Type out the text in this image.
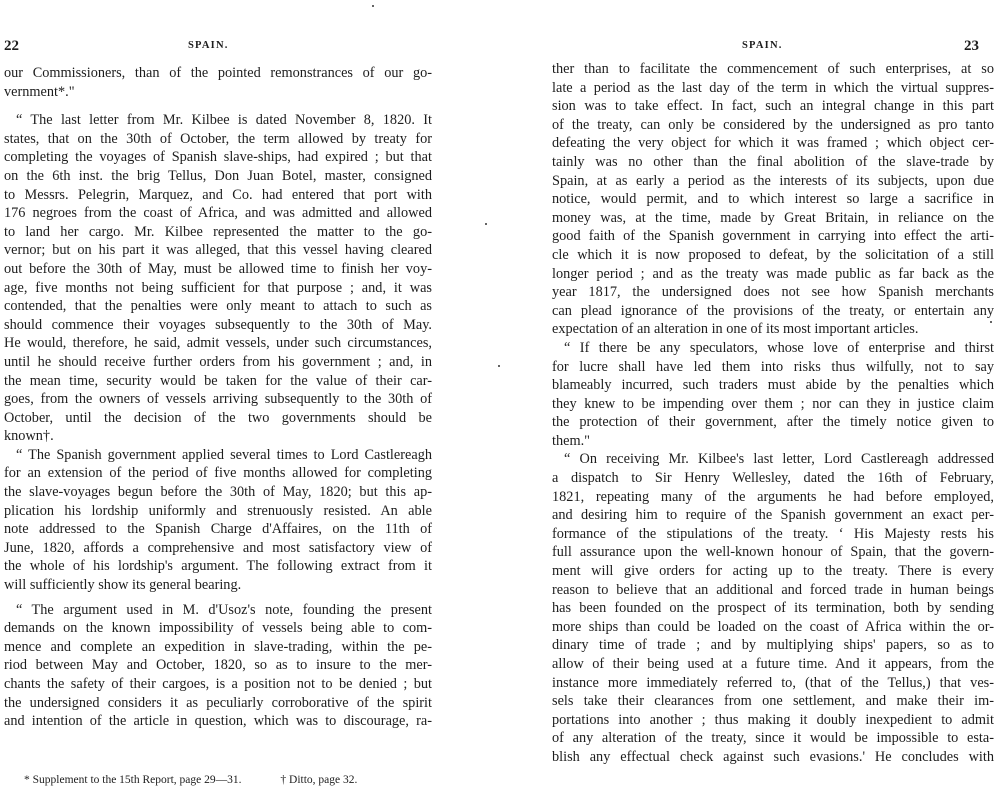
22	SPAIN.
our Commissioners, than of the pointed remonstrances of our go-
vernment*."
“ The last letter from Mr. Kilbee is dated November 8, 1820. It
states, that on the 30th of October, the term allowed by treaty for
completing the voyages of Spanish slave-ships, had expired ; but that
on the 6th inst. the brig Tellus, Don Juan Botel, master, consigned
to Messrs. Pelegrin, Marquez, and Co. had entered that port with
176 negroes from the coast of Africa, and was admitted and allowed
to land her cargo. Mr. Kilbee represented the matter to the go-
vernor; but on his part it was alleged, that this vessel having cleared
out before the 30th of May, must be allowed time to finish her voy-
age, five months not being sufficient for that purpose ; and, it was
contended, that the penalties were only meant to attach to such as
should commence their voyages subsequently to the 30th of May.
He would, therefore, he said, admit vessels, under such circumstances,
until he should receive further orders from his government ; and, in
the mean time, security would be taken for the value of their car-
goes, from the owners of vessels arriving subsequently to the 30th of
October, until the decision of the two governments should be
known†.
“ The Spanish government applied several times to Lord Castlereagh
for an extension of the period of five months allowed for completing
the slave-voyages begun before the 30th of May, 1820; but this ap-
plication his lordship uniformly and strenuously resisted. An able
note addressed to the Spanish Charge d'Affaires, on the 11th of
June, 1820, affords a comprehensive and most satisfactory view of
the whole of his lordship's argument. The following extract from it
will sufficiently show its general bearing.
“ The argument used in M. d'Usoz's note, founding the present
demands on the known impossibility of vessels being able to com-
mence and complete an expedition in slave-trading, within the pe-
riod between May and October, 1820, so as to insure to the mer-
chants the safety of their cargoes, is a position not to be denied ; but
the undersigned considers it as peculiarly corroborative of the spirit
and intention of the article in question, which was to discourage, ra-
* Supplement to the 15th Report, page 29—31.	† Ditto, page 32.
SPAIN.	23
ther than to facilitate the commencement of such enterprises, at so
late a period as the last day of the term in which the virtual suppres-
sion was to take effect. In fact, such an integral change in this part
of the treaty, can only be considered by the undersigned as pro tanto
defeating the very object for which it was framed ; which object cer-
tainly was no other than the final abolition of the slave-trade by
Spain, at as early a period as the interests of its subjects, upon due
notice, would permit, and to which interest so large a sacrifice in
money was, at the time, made by Great Britain, in reliance on the
good faith of the Spanish government in carrying into effect the arti-
cle which it is now proposed to defeat, by the solicitation of a still
longer period ; and as the treaty was made public as far back as the
year 1817, the undersigned does not see how Spanish merchants
can plead ignorance of the provisions of the treaty, or entertain any
expectation of an alteration in one of its most important articles.
“ If there be any speculators, whose love of enterprise and thirst
for lucre shall have led them into risks thus wilfully, not to say
blameably incurred, such traders must abide by the penalties which
they knew to be impending over them ; nor can they in justice claim
the protection of their government, after the timely notice given to
them."
“ On receiving Mr. Kilbee's last letter, Lord Castlereagh addressed
a dispatch to Sir Henry Wellesley, dated the 16th of February,
1821, repeating many of the arguments he had before employed,
and desiring him to require of the Spanish government an exact per-
formance of the stipulations of the treaty. ‘ His Majesty rests his
full assurance upon the well-known honour of Spain, that the govern-
ment will give orders for acting up to the treaty. There is every
reason to believe that an additional and forced trade in human beings
has been founded on the prospect of its termination, both by sending
more ships than could be loaded on the coast of Africa within the or-
dinary time of trade ; and by multiplying ships' papers, so as to
allow of their being used at a future time. And it appears, from the
instance more immediately referred to, (that of the Tellus,) that ves-
sels take their clearances from one settlement, and make their im-
portations into another ; thus making it doubly inexpedient to admit
of any alteration of the treaty, since it would be impossible to esta-
blish any effectual check against such evasions.' He concludes with
